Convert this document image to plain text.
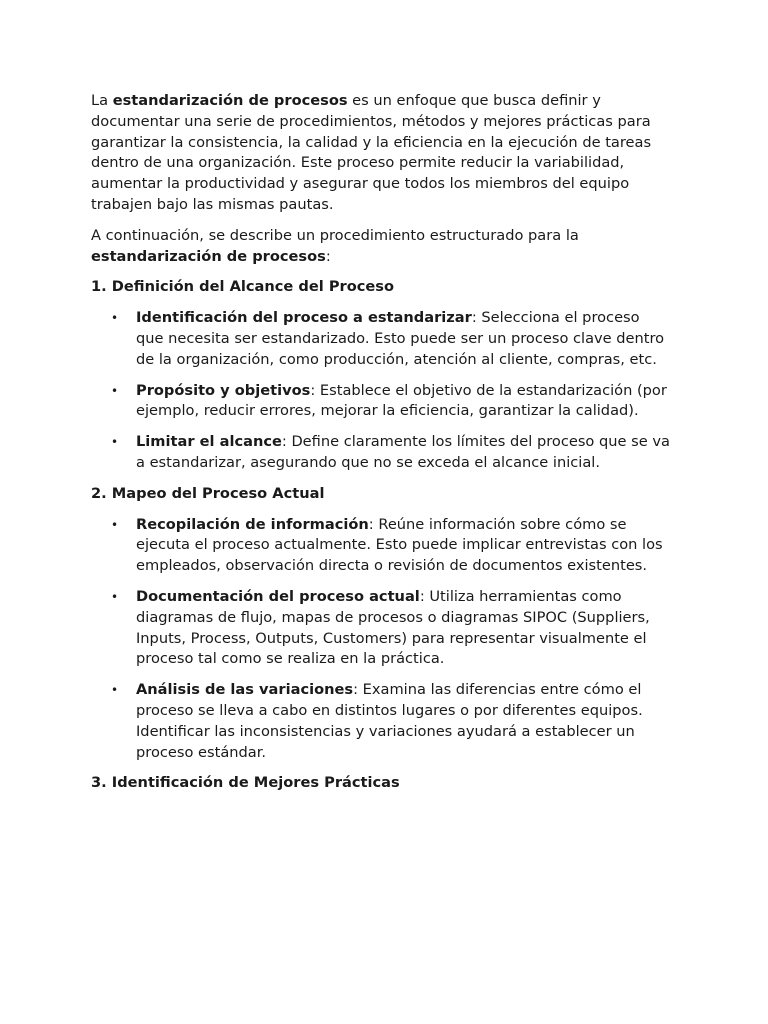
La estandarización de procesos es un enfoque que busca definir y documentar una serie de procedimientos, métodos y mejores prácticas para garantizar la consistencia, la calidad y la eficiencia en la ejecución de tareas dentro de una organización. Este proceso permite reducir la variabilidad, aumentar la productividad y asegurar que todos los miembros del equipo trabajen bajo las mismas pautas.

A continuación, se describe un procedimiento estructurado para la estandarización de procesos:

1. Definición del Alcance del Proceso
• Identificación del proceso a estandarizar: Selecciona el proceso que necesita ser estandarizado. Esto puede ser un proceso clave dentro de la organización, como producción, atención al cliente, compras, etc.
• Propósito y objetivos: Establece el objetivo de la estandarización (por ejemplo, reducir errores, mejorar la eficiencia, garantizar la calidad).
• Limitar el alcance: Define claramente los límites del proceso que se va a estandarizar, asegurando que no se exceda el alcance inicial.
2. Mapeo del Proceso Actual
• Recopilación de información: Reúne información sobre cómo se ejecuta el proceso actualmente. Esto puede implicar entrevistas con los empleados, observación directa o revisión de documentos existentes.
• Documentación del proceso actual: Utiliza herramientas como diagramas de flujo, mapas de procesos o diagramas SIPOC (Suppliers, Inputs, Process, Outputs, Customers) para representar visualmente el proceso tal como se realiza en la práctica.
• Análisis de las variaciones: Examina las diferencias entre cómo el proceso se lleva a cabo en distintos lugares o por diferentes equipos. Identificar las inconsistencias y variaciones ayudará a establecer un proceso estándar.
3. Identificación de Mejores Prácticas
